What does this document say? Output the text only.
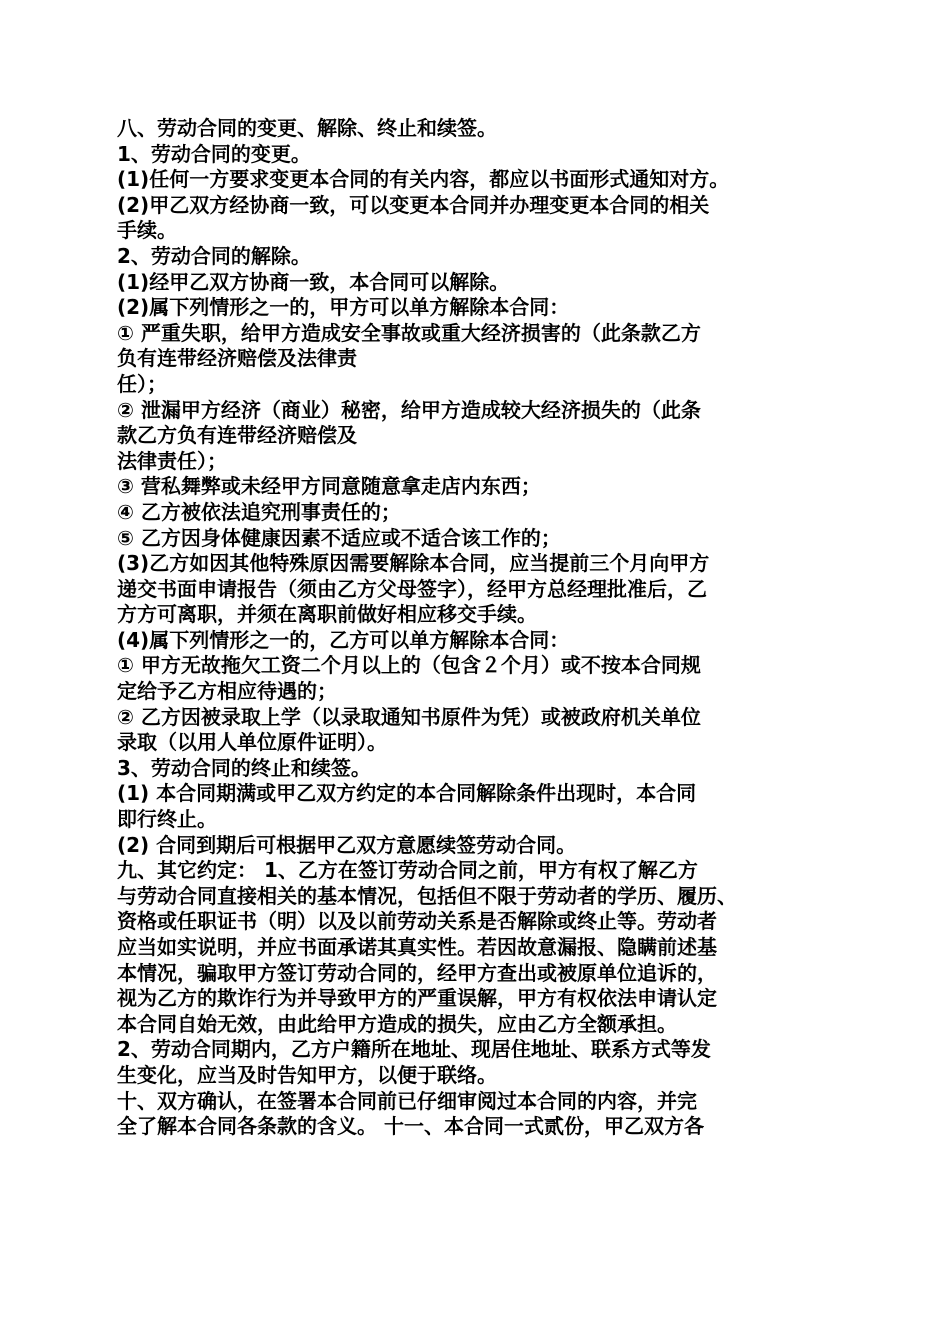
八、劳动合同的变更、解除、终止和续签。
1、劳动合同的变更。
(1)任何一方要求变更本合同的有关内容，都应以书面形式通知对方。
(2)甲乙双方经协商一致，可以变更本合同并办理变更本合同的相关
手续。
2、劳动合同的解除。
(1)经甲乙双方协商一致，本合同可以解除。
(2)属下列情形之一的，甲方可以单方解除本合同：
① 严重失职，给甲方造成安全事故或重大经济损害的（此条款乙方
负有连带经济赔偿及法律责
任）；
② 泄漏甲方经济（商业）秘密，给甲方造成较大经济损失的（此条
款乙方负有连带经济赔偿及
法律责任）；
③ 营私舞弊或未经甲方同意随意拿走店内东西；
④ 乙方被依法追究刑事责任的；
⑤ 乙方因身体健康因素不适应或不适合该工作的；
(3)乙方如因其他特殊原因需要解除本合同，应当提前三个月向甲方
递交书面申请报告（须由乙方父母签字），经甲方总经理批准后，乙
方方可离职，并须在离职前做好相应移交手续。
(4)属下列情形之一的，乙方可以单方解除本合同：
① 甲方无故拖欠工资二个月以上的（包含２个月）或不按本合同规
定给予乙方相应待遇的；
② 乙方因被录取上学（以录取通知书原件为凭）或被政府机关单位
录取（以用人单位原件证明）。
3、劳动合同的终止和续签。
(1) 本合同期满或甲乙双方约定的本合同解除条件出现时，本合同
即行终止。
(2) 合同到期后可根据甲乙双方意愿续签劳动合同。
九、其它约定： 1、乙方在签订劳动合同之前，甲方有权了解乙方
与劳动合同直接相关的基本情况，包括但不限于劳动者的学历、履历、
资格或任职证书（明）以及以前劳动关系是否解除或终止等。劳动者
应当如实说明，并应书面承诺其真实性。若因故意漏报、隐瞒前述基
本情况，骗取甲方签订劳动合同的，经甲方查出或被原单位追诉的，
视为乙方的欺诈行为并导致甲方的严重误解，甲方有权依法申请认定
本合同自始无效，由此给甲方造成的损失，应由乙方全额承担。
2、劳动合同期内，乙方户籍所在地址、现居住地址、联系方式等发
生变化，应当及时告知甲方，以便于联络。
十、双方确认，在签署本合同前已仔细审阅过本合同的内容，并完
全了解本合同各条款的含义。 十一、本合同一式贰份，甲乙双方各
